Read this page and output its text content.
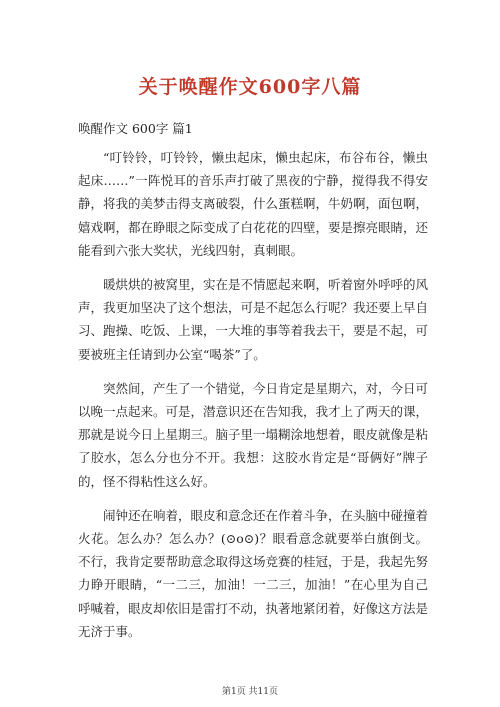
关于唤醒作文600字八篇
唤醒作文 600字 篇1

“叮铃铃，叮铃铃，懒虫起床，懒虫起床，布谷布谷，懒虫起床……”一阵悦耳的音乐声打破了黑夜的宁静，搅得我不得安静，将我的美梦击得支离破裂，什么蛋糕啊，牛奶啊，面包啊，嬉戏啊，都在睁眼之际变成了白花花的四壁，要是擦亮眼睛，还能看到六张大奖状，光线四射，真刺眼。

暖烘烘的被窝里，实在是不情愿起来啊，听着窗外呼呼的风声，我更加坚决了这个想法，可是不起怎么行呢？我还要上早自习、跑操、吃饭、上课，一大堆的事等着我去干，要是不起，可要被班主任请到办公室“喝茶”了。

突然间，产生了一个错觉，今日肯定是星期六，对，今日可以晚一点起来。可是，潜意识还在告知我，我才上了两天的课，那就是说今日上星期三。脑子里一塌糊涂地想着，眼皮就像是粘了胶水，怎么分也分不开。我想：这胶水肯定是“哥俩好”牌子的，怪不得粘性这么好。

闹钟还在响着，眼皮和意念还在作着斗争，在头脑中碰撞着火花。怎么办？怎么办？(⊙o⊙)？眼看意念就要举白旗倒戈。不行，我肯定要帮助意念取得这场竞赛的桂冠，于是，我起先努力睁开眼睛，“一二三，加油！一二三，加油！”在心里为自己呼喊着，眼皮却依旧是雷打不动，执著地紧闭着，好像这方法是无济于事。

第1页 共11页
